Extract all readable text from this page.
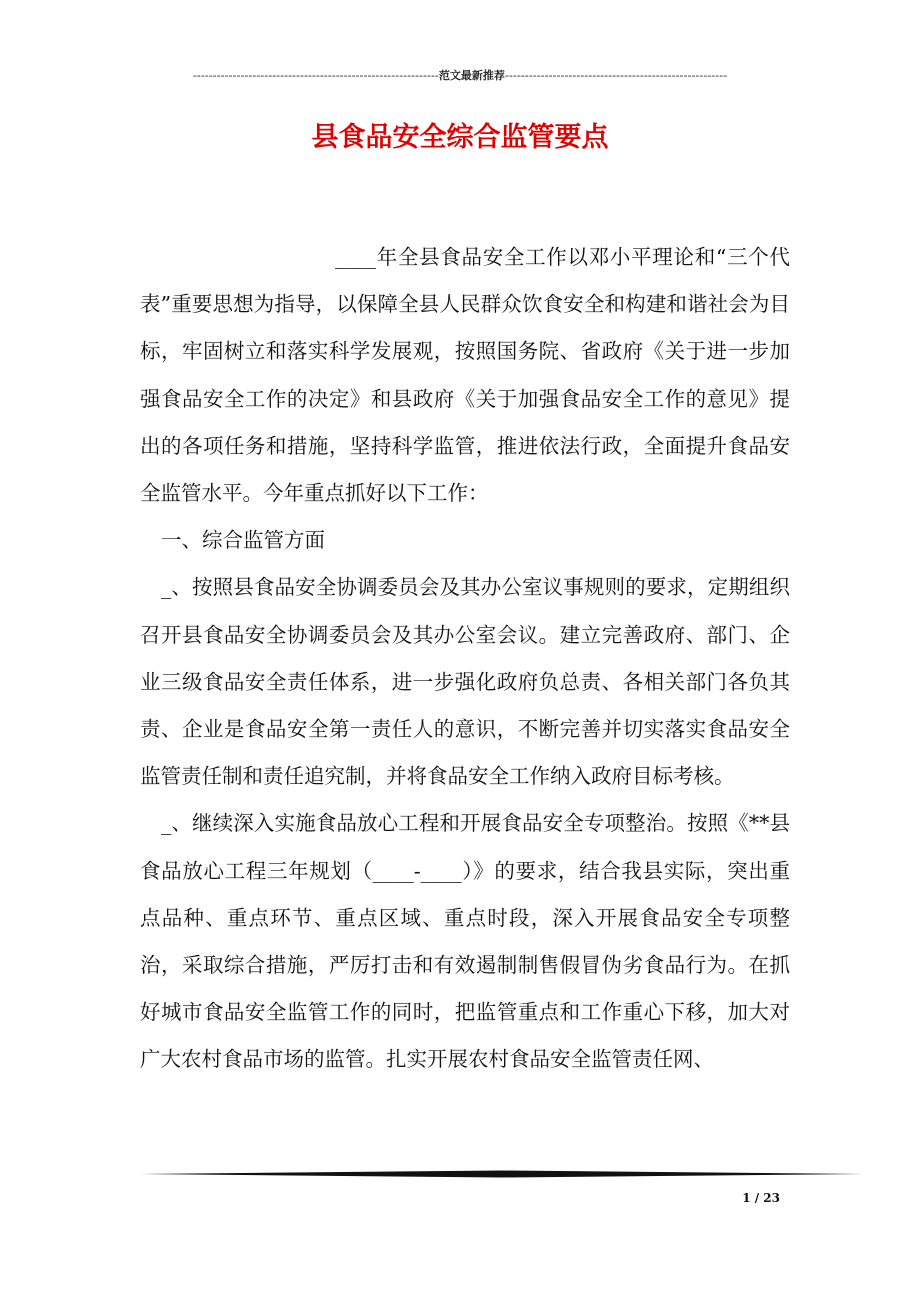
--------------------------------------------------------------范文最新推荐--------------------------------------------------------
县食品安全综合监管要点

____年全县食品安全工作以邓小平理论和“三个代表”重要思想为指导，以保障全县人民群众饮食安全和构建和谐社会为目标，牢固树立和落实科学发展观，按照国务院、省政府《关于进一步加强食品安全工作的决定》和县政府《关于加强食品安全工作的意见》提出的各项任务和措施，坚持科学监管，推进依法行政，全面提升食品安全监管水平。今年重点抓好以下工作：

一、综合监管方面

_、按照县食品安全协调委员会及其办公室议事规则的要求，定期组织召开县食品安全协调委员会及其办公室会议。建立完善政府、部门、企业三级食品安全责任体系，进一步强化政府负总责、各相关部门各负其责、企业是食品安全第一责任人的意识，不断完善并切实落实食品安全监管责任制和责任追究制，并将食品安全工作纳入政府目标考核。

_、继续深入实施食品放心工程和开展食品安全专项整治。按照《**县食品放心工程三年规划（____-____）》的要求，结合我县实际，突出重点品种、重点环节、重点区域、重点时段，深入开展食品安全专项整治，采取综合措施，严厉打击和有效遏制制售假冒伪劣食品行为。在抓好城市食品安全监管工作的同时，把监管重点和工作重心下移，加大对广大农村食品市场的监管。扎实开展农村食品安全监管责任网、

1 / 23
